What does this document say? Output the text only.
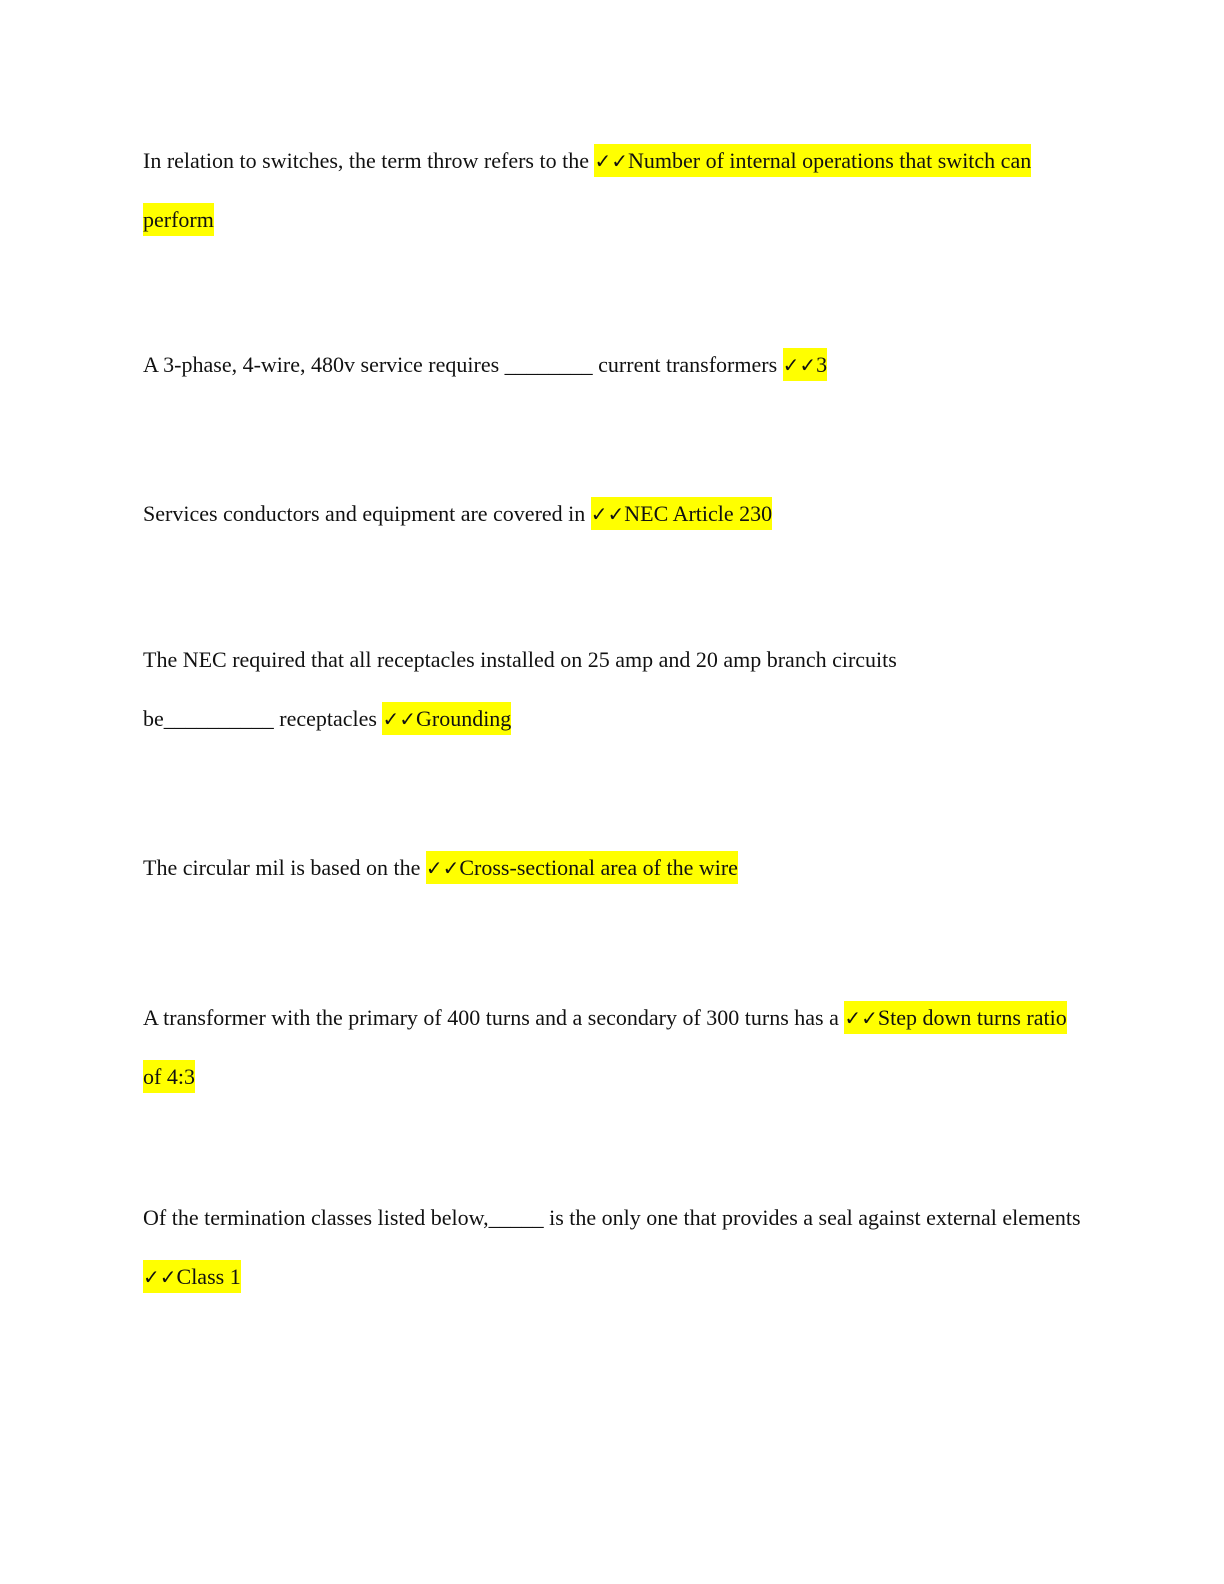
In relation to switches, the term throw refers to the ✓✓Number of internal operations that switch can perform

A 3-phase, 4-wire, 480v service requires ________ current transformers ✓✓3

Services conductors and equipment are covered in ✓✓NEC Article 230

The NEC required that all receptacles installed on 25 amp and 20 amp branch circuits be__________ receptacles ✓✓Grounding

The circular mil is based on the ✓✓Cross-sectional area of the wire

A transformer with the primary of 400 turns and a secondary of 300 turns has a ✓✓Step down turns ratio of 4:3

Of the termination classes listed below,_____ is the only one that provides a seal against external elements ✓✓Class 1
